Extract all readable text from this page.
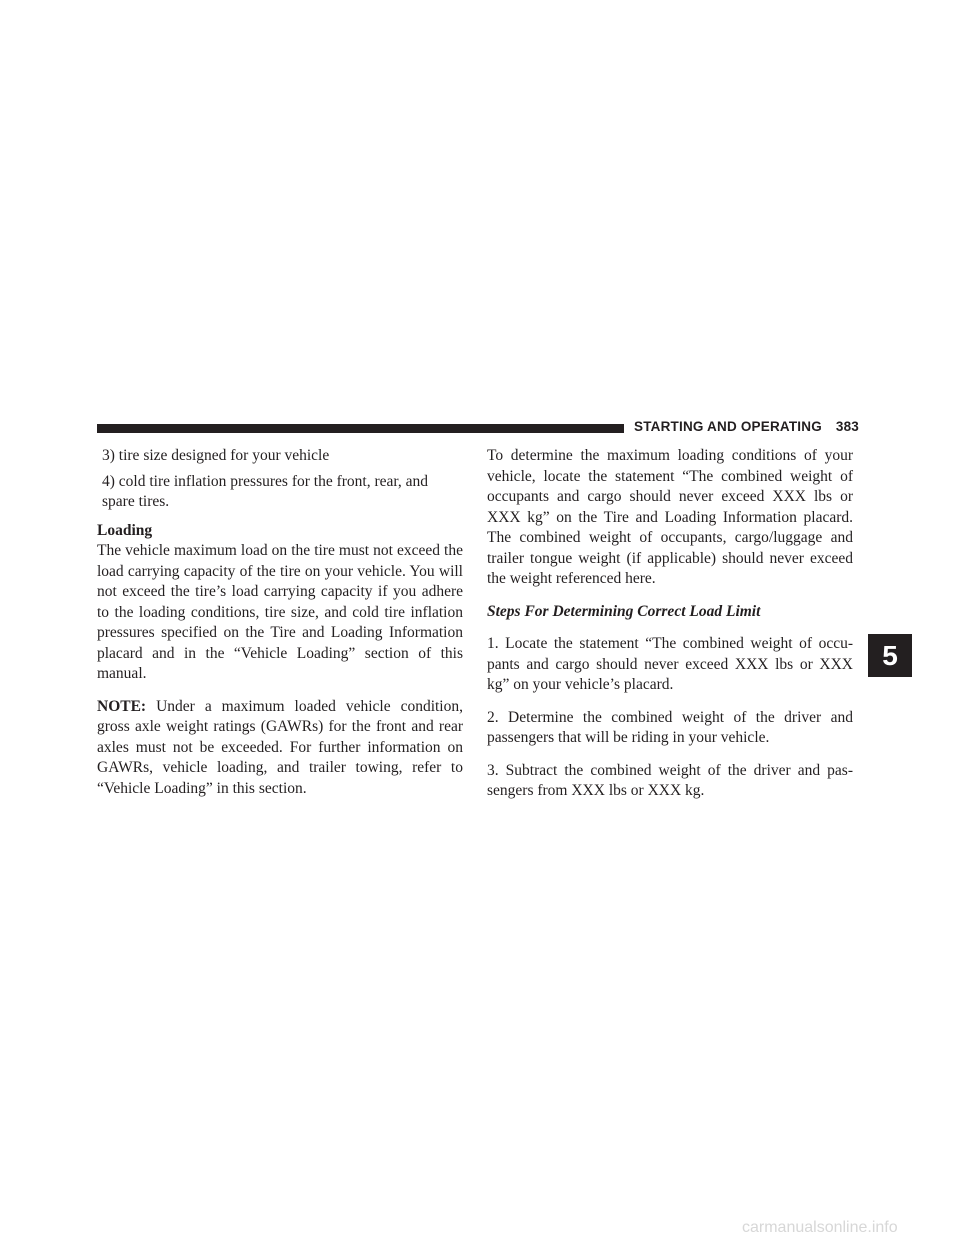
STARTING AND OPERATING 383

3) tire size designed for your vehicle

4) cold tire inflation pressures for the front, rear, and spare tires.

Loading

The vehicle maximum load on the tire must not exceed the load carrying capacity of the tire on your vehicle. You will not exceed the tire’s load carrying capacity if you adhere to the loading conditions, tire size, and cold tire inflation pressures specified on the Tire and Loading Information placard and in the “Vehicle Loading” section of this manual.

NOTE: Under a maximum loaded vehicle condition, gross axle weight ratings (GAWRs) for the front and rear axles must not be exceeded. For further information on GAWRs, vehicle loading, and trailer towing, refer to “Vehicle Loading” in this section.

To determine the maximum loading conditions of your vehicle, locate the statement “The combined weight of occupants and cargo should never exceed XXX lbs or XXX kg” on the Tire and Loading Information placard. The combined weight of occupants, cargo/luggage and trailer tongue weight (if applicable) should never exceed the weight referenced here.

Steps For Determining Correct Load Limit

1. Locate the statement “The combined weight of occu- pants and cargo should never exceed XXX lbs or XXX kg” on your vehicle’s placard.

2. Determine the combined weight of the driver and passengers that will be riding in your vehicle.

3. Subtract the combined weight of the driver and pas- sengers from XXX lbs or XXX kg.

5
carmanualsonline.info
